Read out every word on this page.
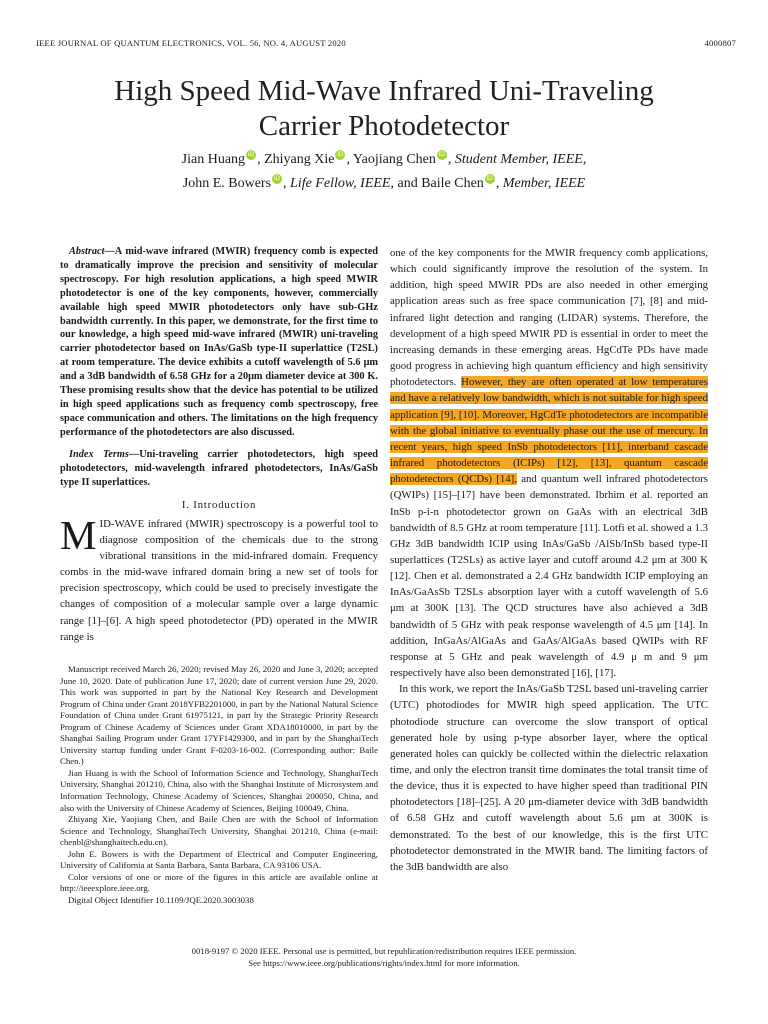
IEEE JOURNAL OF QUANTUM ELECTRONICS, VOL. 56, NO. 4, AUGUST 2020	4000807
High Speed Mid-Wave Infrared Uni-Traveling
Carrier Photodetector
Jian Huang iD , Zhiyang Xie iD , Yaojiang Chen iD , Student Member, IEEE,
John E. Bowers iD , Life Fellow, IEEE, and Baile Chen iD , Member, IEEE

Abstract—A mid-wave infrared (MWIR) frequency comb is expected to dramatically improve the precision and sensitivity of molecular spectroscopy. For high resolution applications, a high speed MWIR photodetector is one of the key components, however, commercially available high speed MWIR photodetectors only have sub-GHz bandwidth currently. In this paper, we demonstrate, for the first time to our knowledge, a high speed mid-wave infrared (MWIR) uni-traveling carrier photodetector based on InAs/GaSb type-II superlattice (T2SL) at room temperature. The device exhibits a cutoff wavelength of 5.6 μm and a 3dB bandwidth of 6.58 GHz for a 20μm diameter device at 300 K. These promising results show that the device has potential to be utilized in high speed applications such as frequency comb spectroscopy, free space communication and others. The limitations on the high frequency performance of the photodetectors are also discussed.

Index Terms—Uni-traveling carrier photodetectors, high speed photodetectors, mid-wavelength infrared photodetectors, InAs/GaSb type II superlattices.

I. Introduction

MID-WAVE infrared (MWIR) spectroscopy is a powerful tool to diagnose composition of the chemicals due to the strong vibrational transitions in the mid-infrared domain. Frequency combs in the mid-wave infrared domain bring a new set of tools for precision spectroscopy, which could be used to precisely investigate the changes of composition of a molecular sample over a large dynamic range [1]–[6]. A high speed photodetector (PD) operated in the MWIR range is

Manuscript received March 26, 2020; revised May 26, 2020 and June 3, 2020; accepted June 10, 2020. Date of publication June 17, 2020; date of current version June 29, 2020. This work was supported in part by the National Key Research and Development Program of China under Grant 2018YFB2201000, in part by the National Natural Science Foundation of China under Grant 61975121, in part by the Strategic Priority Research Program of Chinese Academy of Sciences under Grant XDA18010000, in part by the Shanghai Sailing Program under Grant 17YF1429300, and in part by the ShanghaiTech University startup funding under Grant F-0203-16-002. (Corresponding author: Baile Chen.)

Jian Huang is with the School of Information Science and Technology, ShanghaiTech University, Shanghai 201210, China, also with the Shanghai Institute of Microsystem and Information Technology, Chinese Academy of Sciences, Shanghai 200050, China, and also with the University of Chinese Academy of Sciences, Beijing 100049, China.

Zhiyang Xie, Yaojiang Chen, and Baile Chen are with the School of Information Science and Technology, ShanghaiTech University, Shanghai 201210, China (e-mail: chenbl@shanghaitech.edu.cn).

John E. Bowers is with the Department of Electrical and Computer Engineering, University of California at Santa Barbara, Santa Barbara, CA 93106 USA.

Color versions of one or more of the figures in this article are available online at http://ieeexplore.ieee.org.

Digital Object Identifier 10.1109/JQE.2020.3003038

one of the key components for the MWIR frequency comb applications, which could significantly improve the resolution of the system. In addition, high speed MWIR PDs are also needed in other emerging application areas such as free space communication [7], [8] and mid-infrared light detection and ranging (LIDAR) systems. Therefore, the development of a high speed MWIR PD is essential in order to meet the increasing demands in these emerging areas. HgCdTe PDs have made good progress in achieving high quantum efficiency and high sensitivity photodetectors. However, they are often operated at low temperatures and have a relatively low bandwidth, which is not suitable for high speed application [9], [10]. Moreover, HgCdTe photodetectors are incompatible with the global initiative to eventually phase out the use of mercury. In recent years, high speed InSb photodetectors [11], interband cascade infrared photodetectors (ICIPs) [12], [13], quantum cascade photodetectors (QCDs) [14], and quantum well infrared photodetectors (QWIPs) [15]–[17] have been demonstrated. Ibrhim et al. reported an InSb p-i-n photodetector grown on GaAs with an electrical 3dB bandwidth of 8.5 GHz at room temperature [11]. Lotfi et al. showed a 1.3 GHz 3dB bandwidth ICIP using InAs/GaSb /AlSb/InSb based type-II superlattices (T2SLs) as active layer and cutoff around 4.2 μm at 300 K [12]. Chen et al. demonstrated a 2.4 GHz bandwidth ICIP employing an InAs/GaAsSb T2SLs absorption layer with a cutoff wavelength of 5.6 μm at 300K [13]. The QCD structures have also achieved a 3dB bandwidth of 5 GHz with peak response wavelength of 4.5 μm [14]. In addition, InGaAs/AlGaAs and GaAs/AlGaAs based QWIPs with RF response at 5 GHz and peak wavelength of 4.9 μ m and 9 μm respectively have also been demonstrated [16], [17].

In this work, we report the InAs/GaSb T2SL based uni-traveling carrier (UTC) photodiodes for MWIR high speed application. The UTC photodiode structure can overcome the slow transport of optical generated hole by using p-type absorber layer, where the optical generated holes can quickly be collected within the dielectric relaxation time, and only the electron transit time dominates the total transit time of the device, thus it is expected to have higher speed than traditional PIN photodetectors [18]–[25]. A 20 μm-diameter device with 3dB bandwidth of 6.58 GHz and cutoff wavelength about 5.6 μm at 300K is demonstrated. To the best of our knowledge, this is the first UTC photodetector demonstrated in the MWIR band. The limiting factors of the 3dB bandwidth are also

0018-9197 © 2020 IEEE. Personal use is permitted, but republication/redistribution requires IEEE permission.
See https://www.ieee.org/publications/rights/index.html for more information.
